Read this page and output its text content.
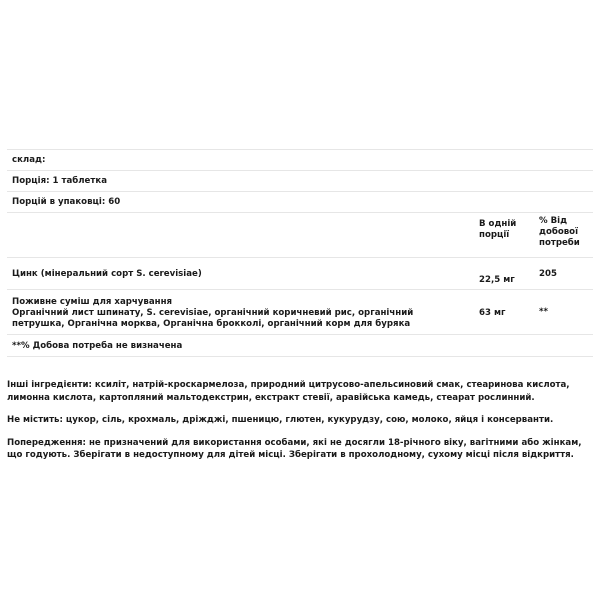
склад:
Порція: 1 таблетка
Порцій в упаковці: 60
В одній порції
% Від добової потреби
Цинк (мінеральний сорт S. cerevisiae)
22,5 мг
205
Поживне суміш для харчування
Органічний лист шпинату, S. cerevisiae, органічний коричневий рис, органічний петрушка, Органічна морква, Органічна брокколі, органічний корм для буряка
63 мг	**
**% Добова потреба не визначена

Інші інгредієнти: ксиліт, натрій-кроскармелоза, природний цитрусово-апельсиновий смак, стеаринова кислота, лимонна кислота, картопляний мальтодекстрин, екстракт стевії, аравійська камедь, стеарат рослинний.

Не містить: цукор, сіль, крохмаль, дріжджі, пшеницю, глютен, кукурудзу, сою, молоко, яйця і консерванти.

Попередження: не призначений для використання особами, які не досягли 18-річного віку, вагітними або жінкам, що годують. Зберігати в недоступному для дітей місці. Зберігати в прохолодному, сухому місці після відкриття.
